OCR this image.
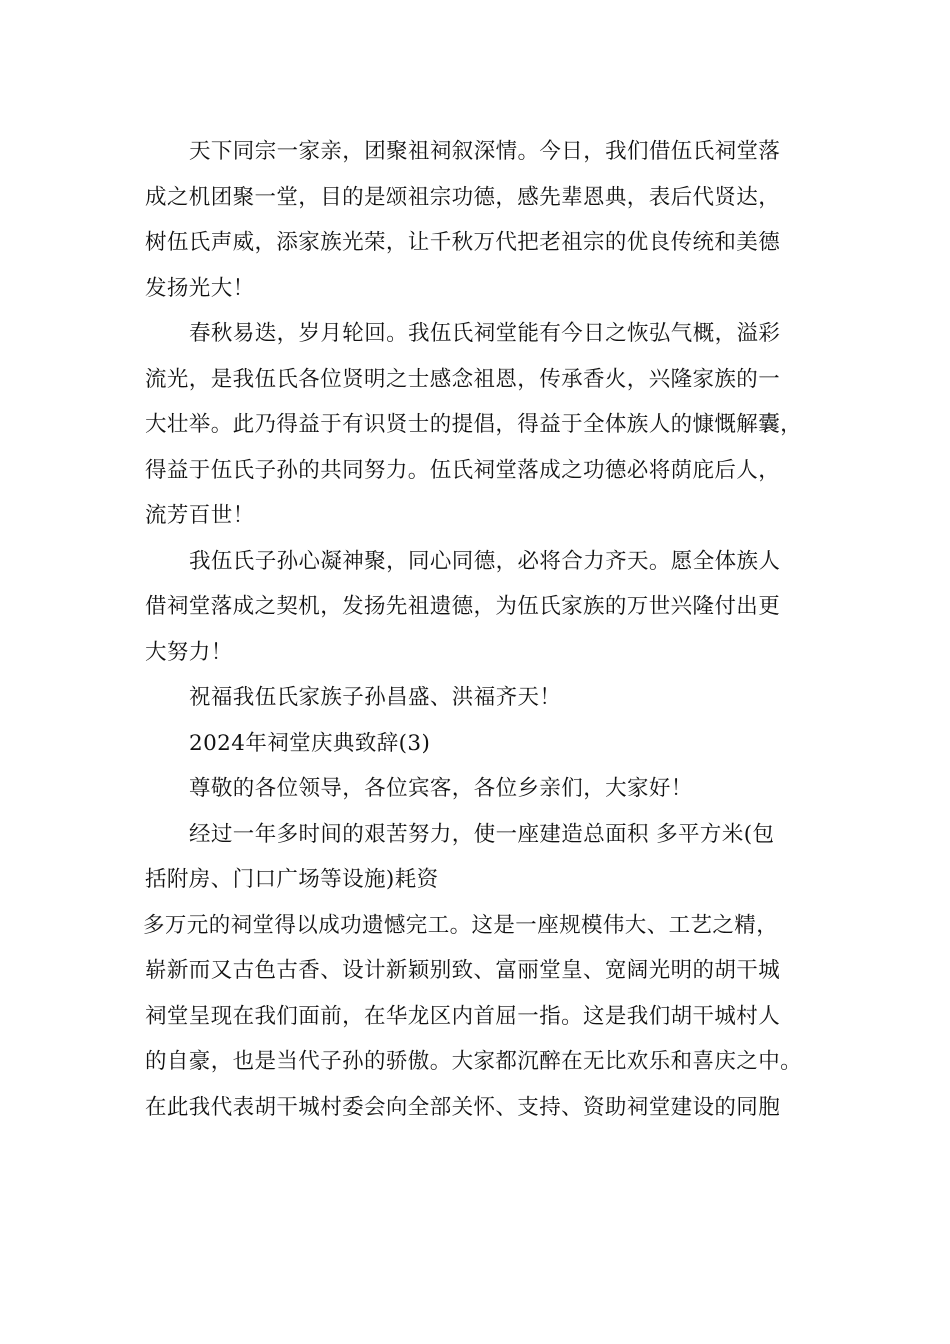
天下同宗一家亲，团聚祖祠叙深情。今日，我们借伍氏祠堂落
成之机团聚一堂，目的是颂祖宗功德，感先辈恩典，表后代贤达，
树伍氏声威，添家族光荣，让千秋万代把老祖宗的优良传统和美德
发扬光大！
春秋易迭，岁月轮回。我伍氏祠堂能有今日之恢弘气概，溢彩
流光，是我伍氏各位贤明之士感念祖恩，传承香火，兴隆家族的一
大壮举。此乃得益于有识贤士的提倡，得益于全体族人的慷慨解囊，
得益于伍氏子孙的共同努力。伍氏祠堂落成之功德必将荫庇后人，
流芳百世！
我伍氏子孙心凝神聚，同心同德，必将合力齐天。愿全体族人
借祠堂落成之契机，发扬先祖遗德，为伍氏家族的万世兴隆付出更
大努力！
祝福我伍氏家族子孙昌盛、洪福齐天！
2024年祠堂庆典致辞(3)
尊敬的各位领导，各位宾客，各位乡亲们，大家好！
经过一年多时间的艰苦努力，使一座建造总面积 多平方米(包
括附房、门口广场等设施)耗资
多万元的祠堂得以成功遗憾完工。这是一座规模伟大、工艺之精，
崭新而又古色古香、设计新颖别致、富丽堂皇、宽阔光明的胡干城
祠堂呈现在我们面前，在华龙区内首屈一指。这是我们胡干城村人
的自豪，也是当代子孙的骄傲。大家都沉醉在无比欢乐和喜庆之中。
在此我代表胡干城村委会向全部关怀、支持、资助祠堂建设的同胞
